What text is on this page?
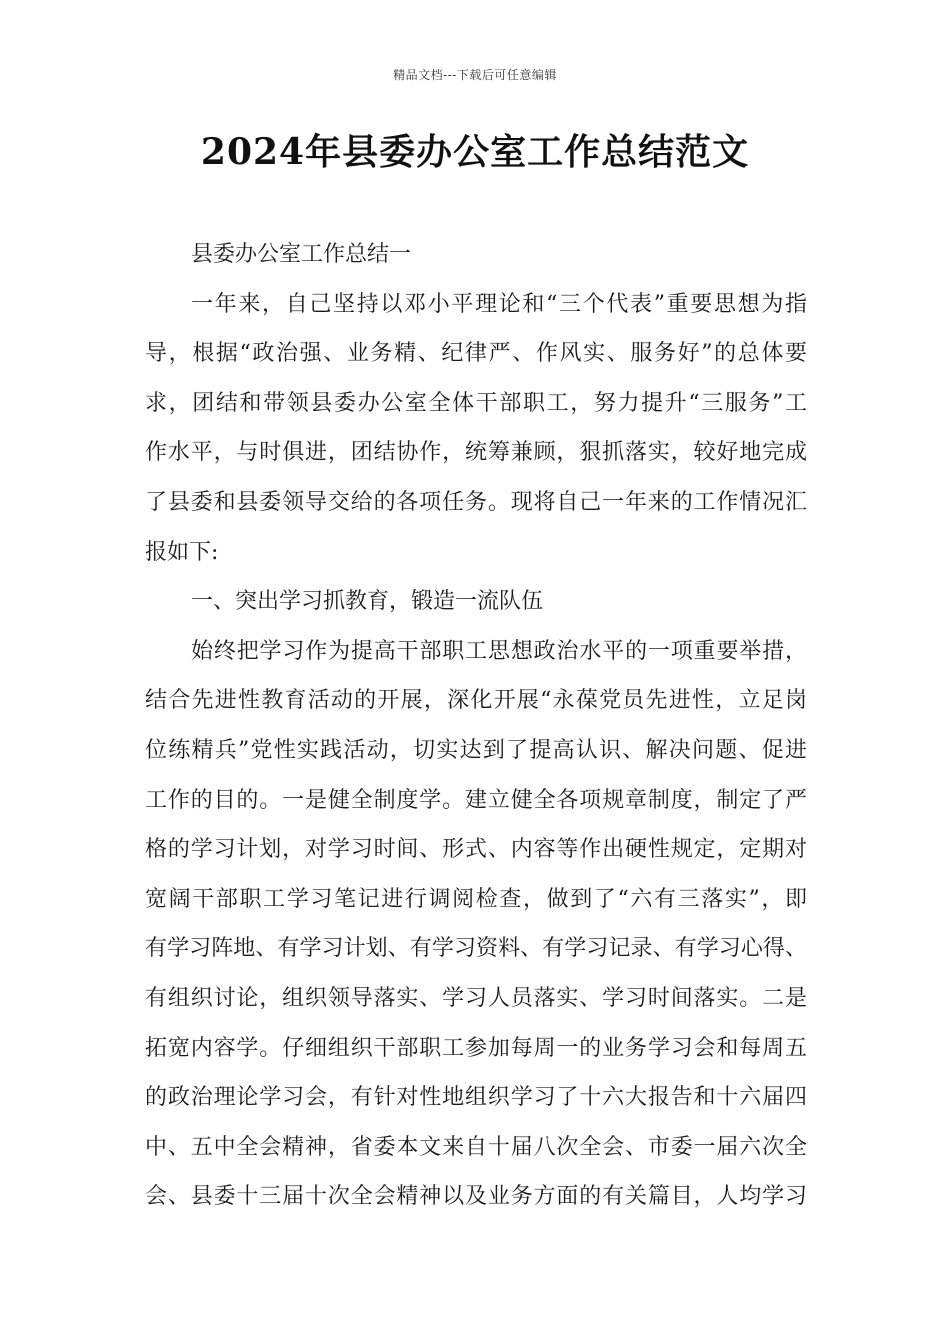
精品文档---下载后可任意编辑
2024年县委办公室工作总结范文
县委办公室工作总结一
一年来，自己坚持以邓小平理论和“三个代表”重要思想为指
导，根据“政治强、业务精、纪律严、作风实、服务好”的总体要
求，团结和带领县委办公室全体干部职工，努力提升“三服务”工
作水平，与时俱进，团结协作，统筹兼顾，狠抓落实，较好地完成
了县委和县委领导交给的各项任务。现将自己一年来的工作情况汇
报如下:
一、突出学习抓教育，锻造一流队伍
始终把学习作为提高干部职工思想政治水平的一项重要举措，
结合先进性教育活动的开展，深化开展“永葆党员先进性，立足岗
位练精兵”党性实践活动，切实达到了提高认识、解决问题、促进
工作的目的。一是健全制度学。建立健全各项规章制度，制定了严
格的学习计划，对学习时间、形式、内容等作出硬性规定，定期对
宽阔干部职工学习笔记进行调阅检查，做到了“六有三落实”，即
有学习阵地、有学习计划、有学习资料、有学习记录、有学习心得、
有组织讨论，组织领导落实、学习人员落实、学习时间落实。二是
拓宽内容学。仔细组织干部职工参加每周一的业务学习会和每周五
的政治理论学习会，有针对性地组织学习了十六大报告和十六届四
中、五中全会精神，省委本文来自十届八次全会、市委一届六次全
会、县委十三届十次全会精神以及业务方面的有关篇目，人均学习
